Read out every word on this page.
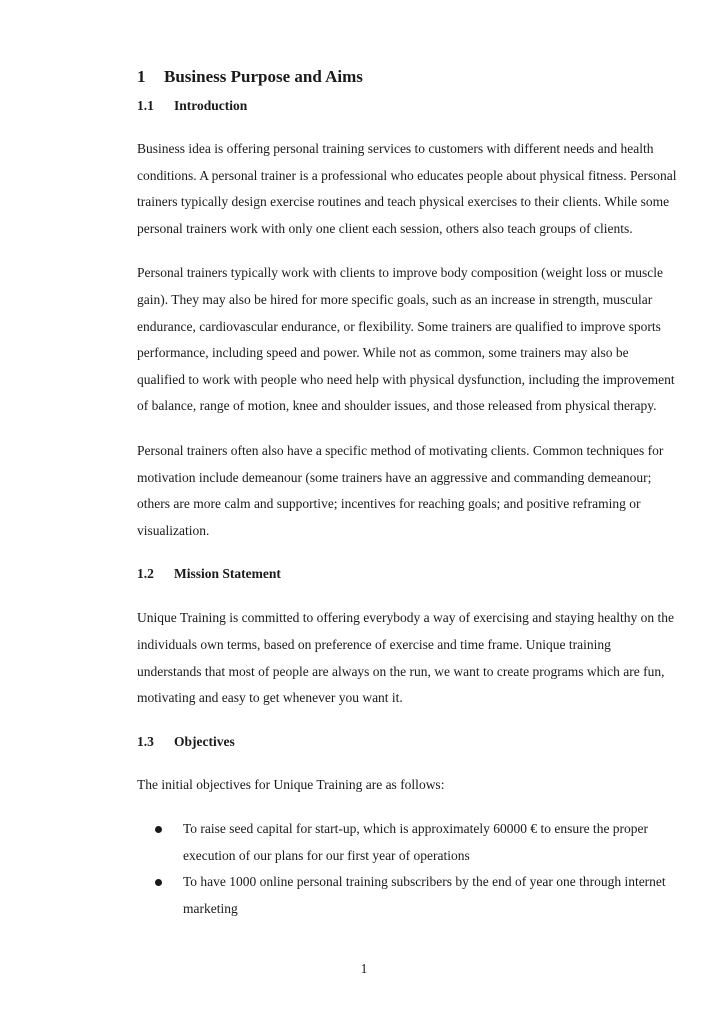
1	Business Purpose and Aims
1.1	Introduction

Business idea is offering personal training services to customers with different needs and health conditions. A personal trainer is a professional who educates people about physical fitness. Personal trainers typically design exercise routines and teach physical exercises to their clients. While some personal trainers work with only one client each session, others also teach groups of clients.

Personal trainers typically work with clients to improve body composition (weight loss or muscle gain). They may also be hired for more specific goals, such as an increase in strength, muscular endurance, cardiovascular endurance, or flexibility. Some trainers are qualified to improve sports performance, including speed and power. While not as common, some trainers may also be qualified to work with people who need help with physical dysfunction, including the improvement of balance, range of motion, knee and shoulder issues, and those released from physical therapy.

Personal trainers often also have a specific method of motivating clients. Common techniques for motivation include demeanour (some trainers have an aggressive and commanding demeanour; others are more calm and supportive; incentives for reaching goals; and positive reframing or visualization.

1.2	Mission Statement

Unique Training is committed to offering everybody a way of exercising and staying healthy on the individuals own terms, based on preference of exercise and time frame. Unique training understands that most of people are always on the run, we want to create programs which are fun, motivating and easy to get whenever you want it.

1.3	Objectives

The initial objectives for Unique Training are as follows:

To raise seed capital for start-up, which is approximately 60000 € to ensure the proper execution of our plans for our first year of operations
To have 1000 online personal training subscribers by the end of year one through internet marketing
1
